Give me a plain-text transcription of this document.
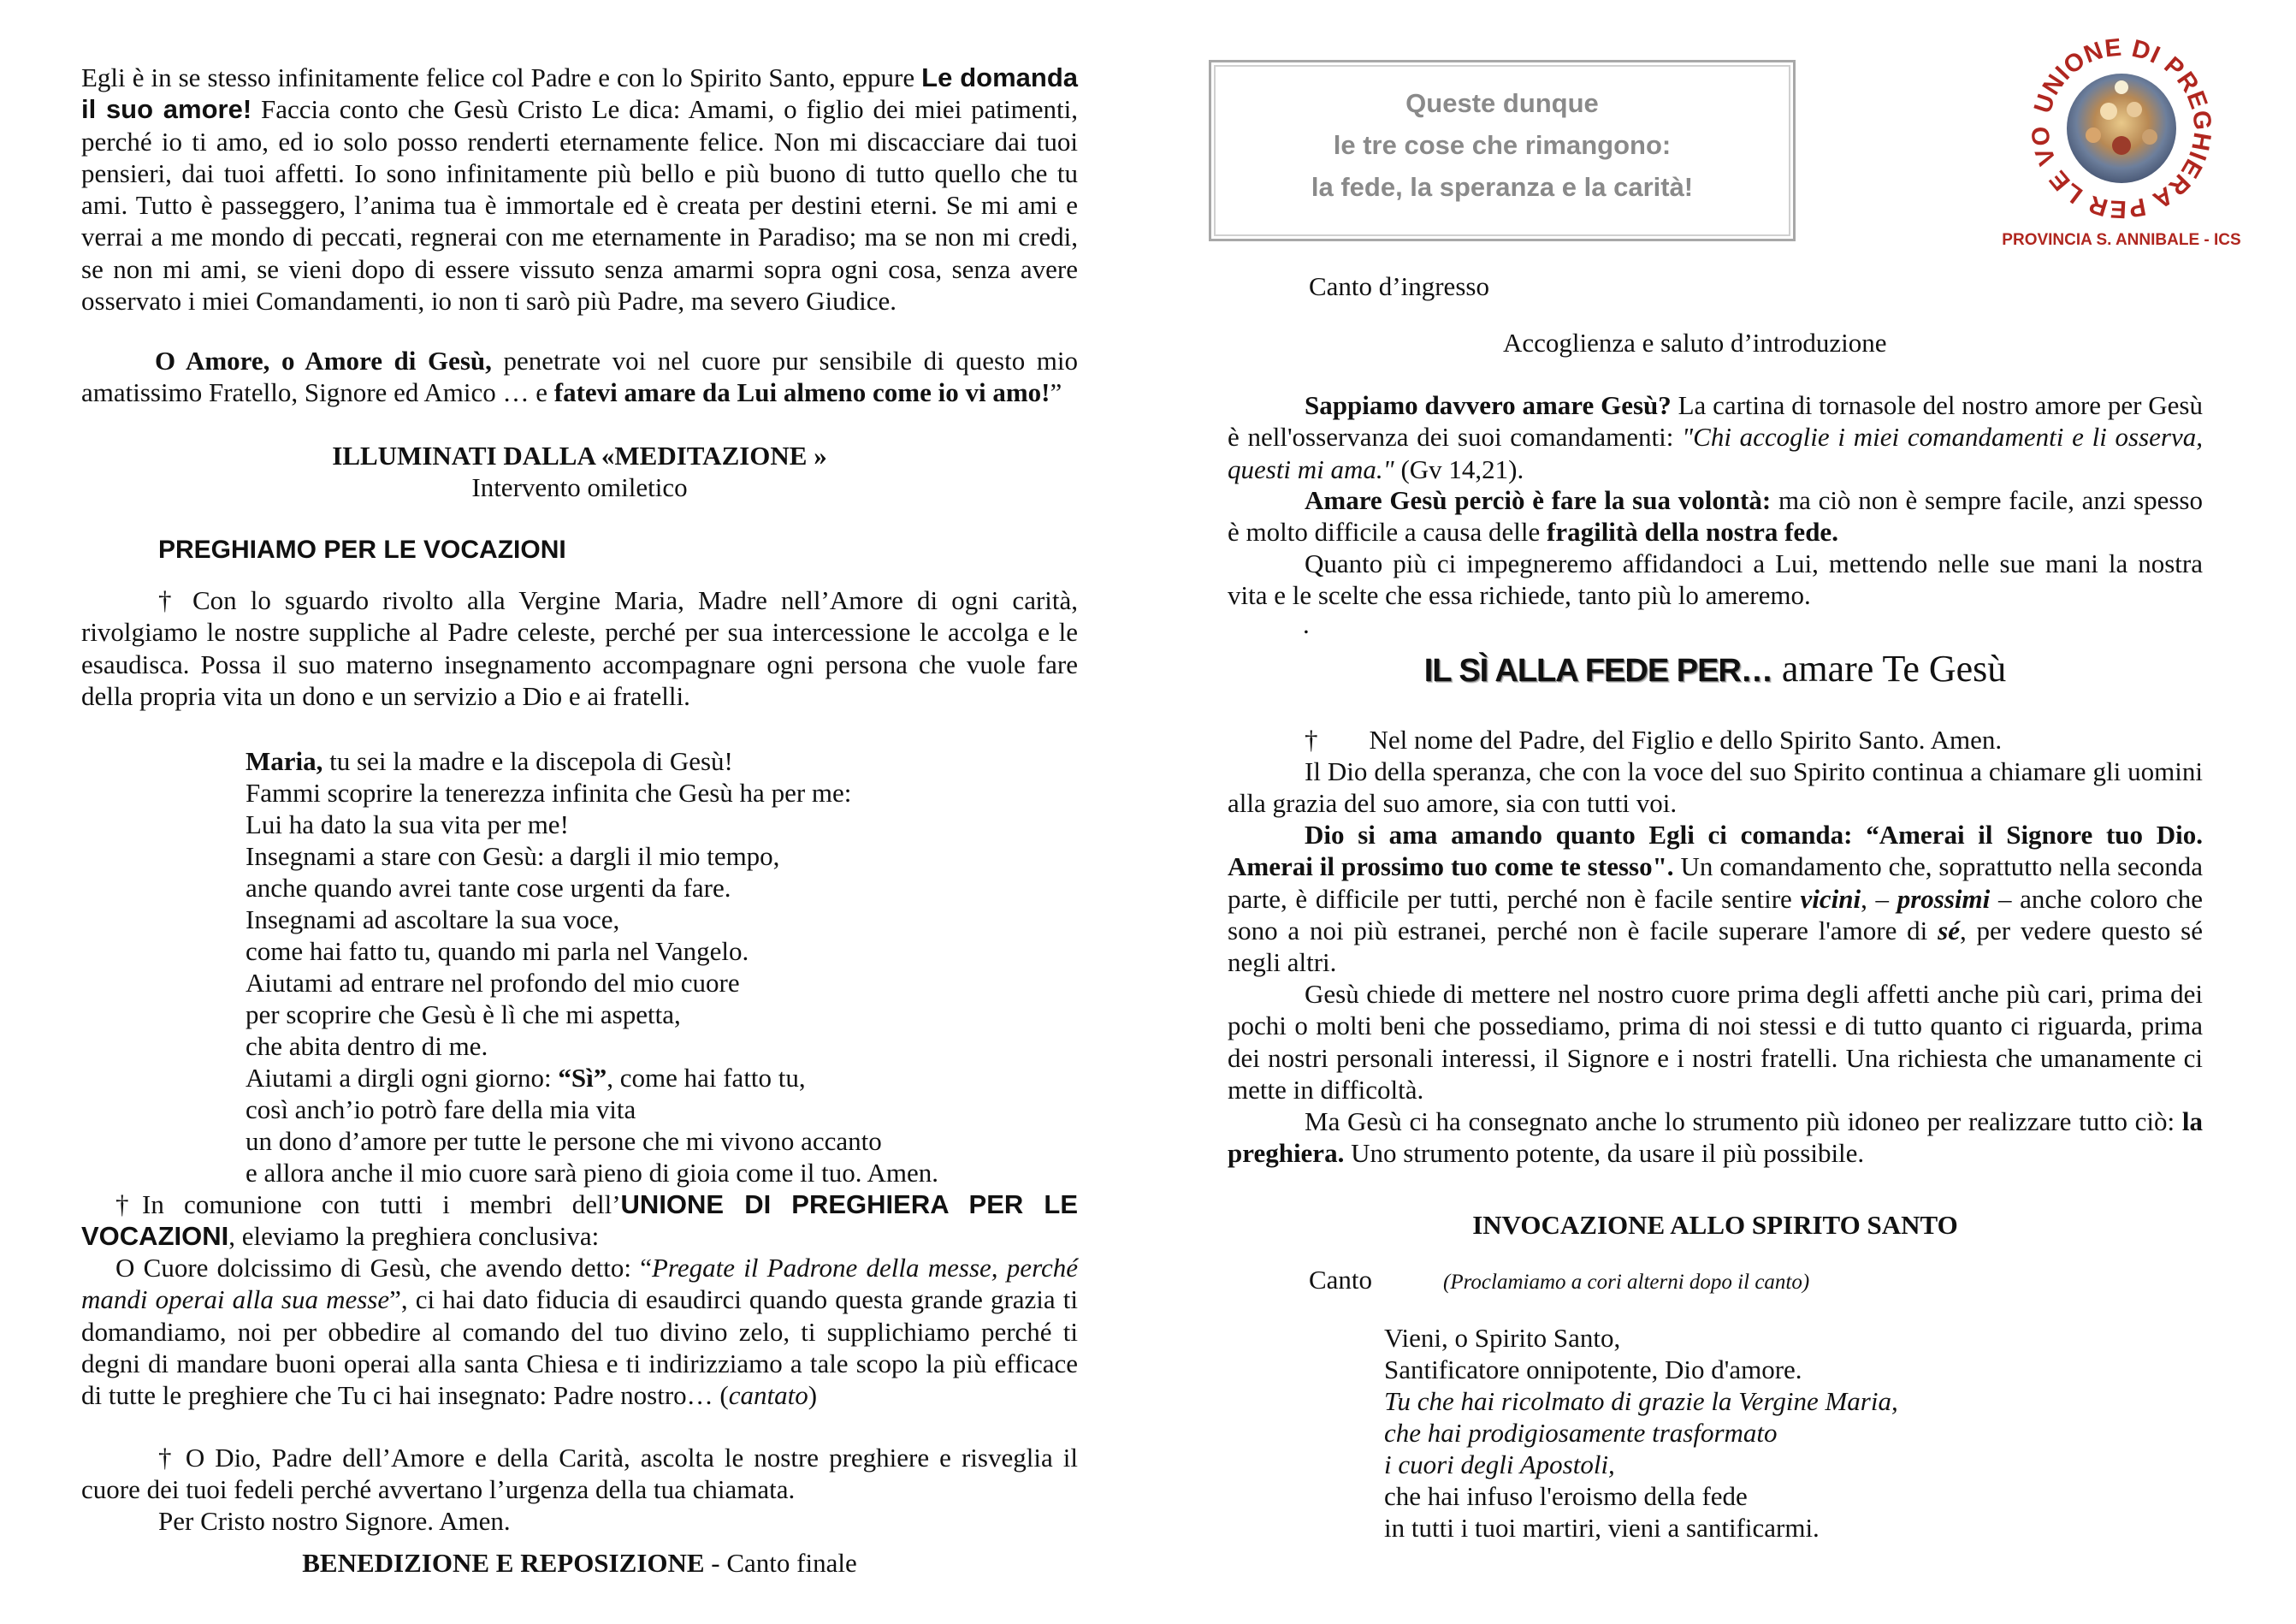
Egli è in se stesso infinitamente felice col Padre e con lo Spirito Santo, eppure Le domanda il suo amore! Faccia conto che Gesù Cristo Le dica: Amami, o figlio dei miei patimenti, perché io ti amo, ed io solo posso renderti eternamente felice. Non mi discacciare dai tuoi pensieri, dai tuoi affetti. Io sono infinitamente più bello e più buono di tutto quello che tu ami. Tutto è passeggero, l’anima tua è immortale ed è creata per destini eterni. Se mi ami e verrai a me mondo di peccati, regnerai con me eternamente in Paradiso; ma se non mi credi, se non mi ami, se vieni dopo di essere vissuto senza amarmi sopra ogni cosa, senza avere osservato i miei Comandamenti, io non ti sarò più Padre, ma severo Giudice.

O Amore, o Amore di Gesù, penetrate voi nel cuore pur sensibile di questo mio amatissimo Fratello, Signore ed Amico … e fatevi amare da Lui almeno come io vi amo!”

ILLUMINATI DALLA «MEDITAZIONE »
Intervento omiletico
PREGHIAMO PER LE VOCAZIONI

† Con lo sguardo rivolto alla Vergine Maria, Madre nell’Amore di ogni carità, rivolgiamo le nostre suppliche al Padre celeste, perché per sua intercessione le accolga e le esaudisca. Possa il suo materno insegnamento accompagnare ogni persona che vuole fare della propria vita un dono e un servizio a Dio e ai fratelli.

Maria, tu sei la madre e la discepola di Gesù!
Fammi scoprire la tenerezza infinita che Gesù ha per me:
Lui ha dato la sua vita per me!
Insegnami a stare con Gesù: a dargli il mio tempo,
anche quando avrei tante cose urgenti da fare.
Insegnami ad ascoltare la sua voce,
come hai fatto tu, quando mi parla nel Vangelo.
Aiutami ad entrare nel profondo del mio cuore
per scoprire che Gesù è lì che mi aspetta,
che abita dentro di me.
Aiutami a dirgli ogni giorno: “Sì”, come hai fatto tu,
così anch’io potrò fare della mia vita
un dono d’amore per tutte le persone che mi vivono accanto
e allora anche il mio cuore sarà pieno di gioia come il tuo. Amen.

†In comunione con tutti i membri dell’UNIONE DI PREGHIERA PER LE VOCAZIONI, eleviamo la preghiera conclusiva:

O Cuore dolcissimo di Gesù, che avendo detto: “Pregate il Padrone della messe, perché mandi operai alla sua messe”, ci hai dato fiducia di esaudirci quando questa grande grazia ti domandiamo, noi per obbedire al comando del tuo divino zelo, ti supplichiamo perché ti degni di mandare buoni operai alla santa Chiesa e ti indirizziamo a tale scopo la più efficace di tutte le preghiere che Tu ci hai insegnato: Padre nostro… (cantato)

† O Dio, Padre dell’Amore e della Carità, ascolta le nostre preghiere e risveglia il cuore dei tuoi fedeli perché avvertano l’urgenza della tua chiamata.

Per Cristo nostro Signore. Amen.
BENEDIZIONE E REPOSIZIONE - Canto finale
Queste dunque
le tre cose che rimangono:
la fede, la speranza e la carità!
UNIONE DI PREGHIERA PER LE VO
PROVINCIA S. ANNIBALE - ICS
Canto d’ingresso
Accoglienza e saluto d’introduzione

Sappiamo davvero amare Gesù? La cartina di tornasole del nostro amore per Gesù è nell'osservanza dei suoi comandamenti: "Chi accoglie i miei comandamenti e li osserva, questi mi ama." (Gv 14,21).

Amare Gesù perciò è fare la sua volontà: ma ciò non è sempre facile, anzi spesso è molto difficile a causa delle fragilità della nostra fede.

Quanto più ci impegneremo affidandoci a Lui, mettendo nelle sue mani la nostra vita e le scelte che essa richiede, tanto più lo ameremo.

.
IL SÌ ALLA FEDE PER… amare Te Gesù
† Nel nome del Padre, del Figlio e dello Spirito Santo. Amen.

Il Dio della speranza, che con la voce del suo Spirito continua a chiamare gli uomini alla grazia del suo amore, sia con tutti voi.

Dio si ama amando quanto Egli ci comanda: “Amerai il Signore tuo Dio. Amerai il prossimo tuo come te stesso". Un comandamento che, soprattutto nella seconda parte, è difficile per tutti, perché non è facile sentire vicini, – prossimi – anche coloro che sono a noi più estranei, perché non è facile superare l'amore di sé, per vedere questo sé negli altri.

Gesù chiede di mettere nel nostro cuore prima degli affetti anche più cari, prima dei pochi o molti beni che possediamo, prima di noi stessi e di tutto quanto ci riguarda, prima dei nostri personali interessi, il Signore e i nostri fratelli. Una richiesta che umanamente ci mette in difficoltà.

Ma Gesù ci ha consegnato anche lo strumento più idoneo per realizzare tutto ciò: la preghiera. Uno strumento potente, da usare il più possibile.

INVOCAZIONE ALLO SPIRITO SANTO
Canto	(Proclamiamo a cori alterni dopo il canto)
Vieni, o Spirito Santo,
Santificatore onnipotente, Dio d'amore.
Tu che hai ricolmato di grazie la Vergine Maria,
che hai prodigiosamente trasformato
i cuori degli Apostoli,
che hai infuso l'eroismo della fede
in tutti i tuoi martiri, vieni a santificarmi.
